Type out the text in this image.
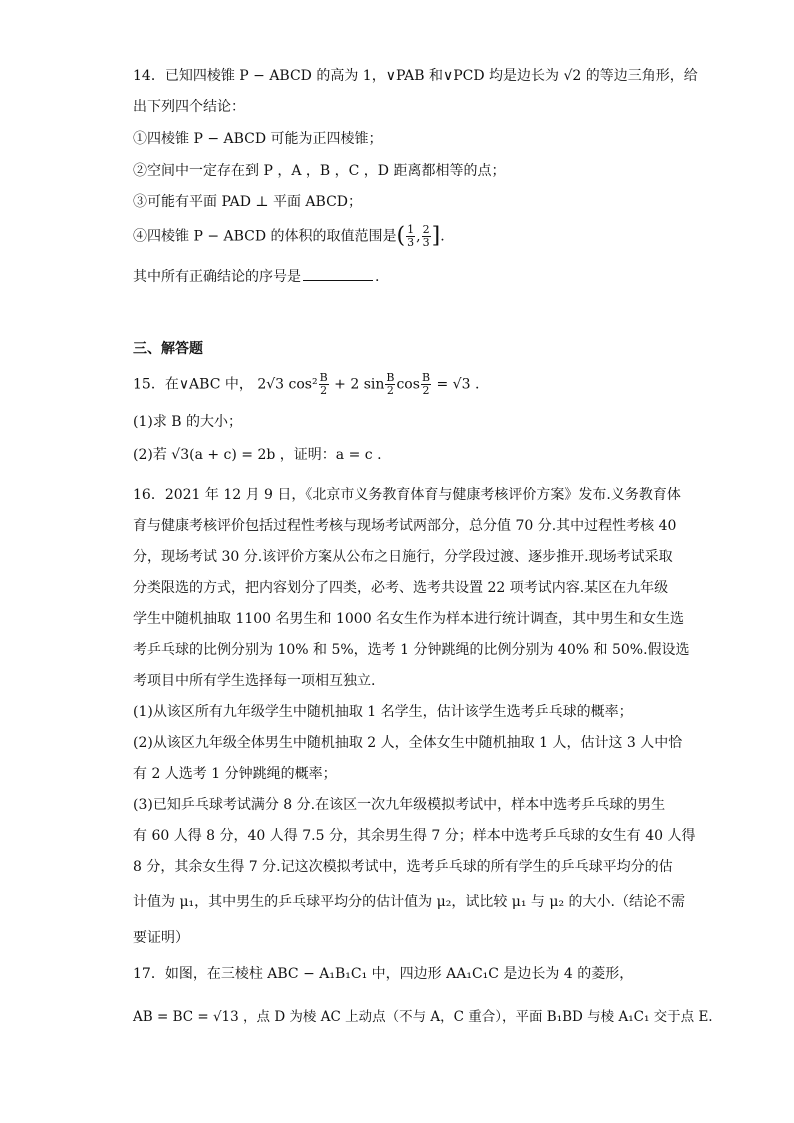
14．已知四棱锥 P − ABCD 的高为 1，∨PAB 和∨PCD 均是边长为 √2 的等边三角形，给
出下列四个结论：
①四棱锥 P − ABCD 可能为正四棱锥；
②空间中一定存在到 P ，A ，B ，C ，D 距离都相等的点；
③可能有平面 PAD ⊥ 平面 ABCD；
④四棱锥 P − ABCD 的体积的取值范围是( $\frac{1}{3}$ , $\frac{2}{3}$ ].
其中所有正确结论的序号是	.
三、解答题
15．在∨ABC 中， 2√3 $\cos^2 \frac{B}{2} + 2$ $\sin \frac{B}{2}$ $\cos \frac{B}{2} = √3$ .
(1)求 B 的大小；
(2)若 √3(a + c) = 2b ，证明：a = c .
16．2021 年 12 月 9 日，《北京市义务教育体育与健康考核评价方案》发布.义务教育体
育与健康考核评价包括过程性考核与现场考试两部分，总分值 70 分.其中过程性考核 40
分，现场考试 30 分.该评价方案从公布之日施行，分学段过渡、逐步推开.现场考试采取
分类限选的方式，把内容划分了四类，必考、选考共设置 22 项考试内容.某区在九年级
学生中随机抽取 1100 名男生和 1000 名女生作为样本进行统计调查，其中男生和女生选
考乒乓球的比例分别为 10% 和 5%，选考 1 分钟跳绳的比例分别为 40% 和 50%.假设选
考项目中所有学生选择每一项相互独立.
(1)从该区所有九年级学生中随机抽取 1 名学生，估计该学生选考乒乓球的概率；
(2)从该区九年级全体男生中随机抽取 2 人，全体女生中随机抽取 1 人，估计这 3 人中恰
有 2 人选考 1 分钟跳绳的概率；
(3)已知乒乓球考试满分 8 分.在该区一次九年级模拟考试中，样本中选考乒乓球的男生
有 60 人得 8 分，40 人得 7.5 分，其余男生得 7 分；样本中选考乒乓球的女生有 40 人得
8 分，其余女生得 7 分.记这次模拟考试中，选考乒乓球的所有学生的乒乓球平均分的估
计值为 μ₁，其中男生的乒乓球平均分的估计值为 μ₂，试比较 μ₁ 与 μ₂ 的大小.（结论不需
要证明）
17．如图，在三棱柱 ABC − A₁B₁C₁ 中，四边形 AA₁C₁C 是边长为 4 的菱形，
AB = BC = √13 ，点 D 为棱 AC 上动点（不与 A，C 重合），平面 B₁BD 与棱 A₁C₁ 交于点 E.
